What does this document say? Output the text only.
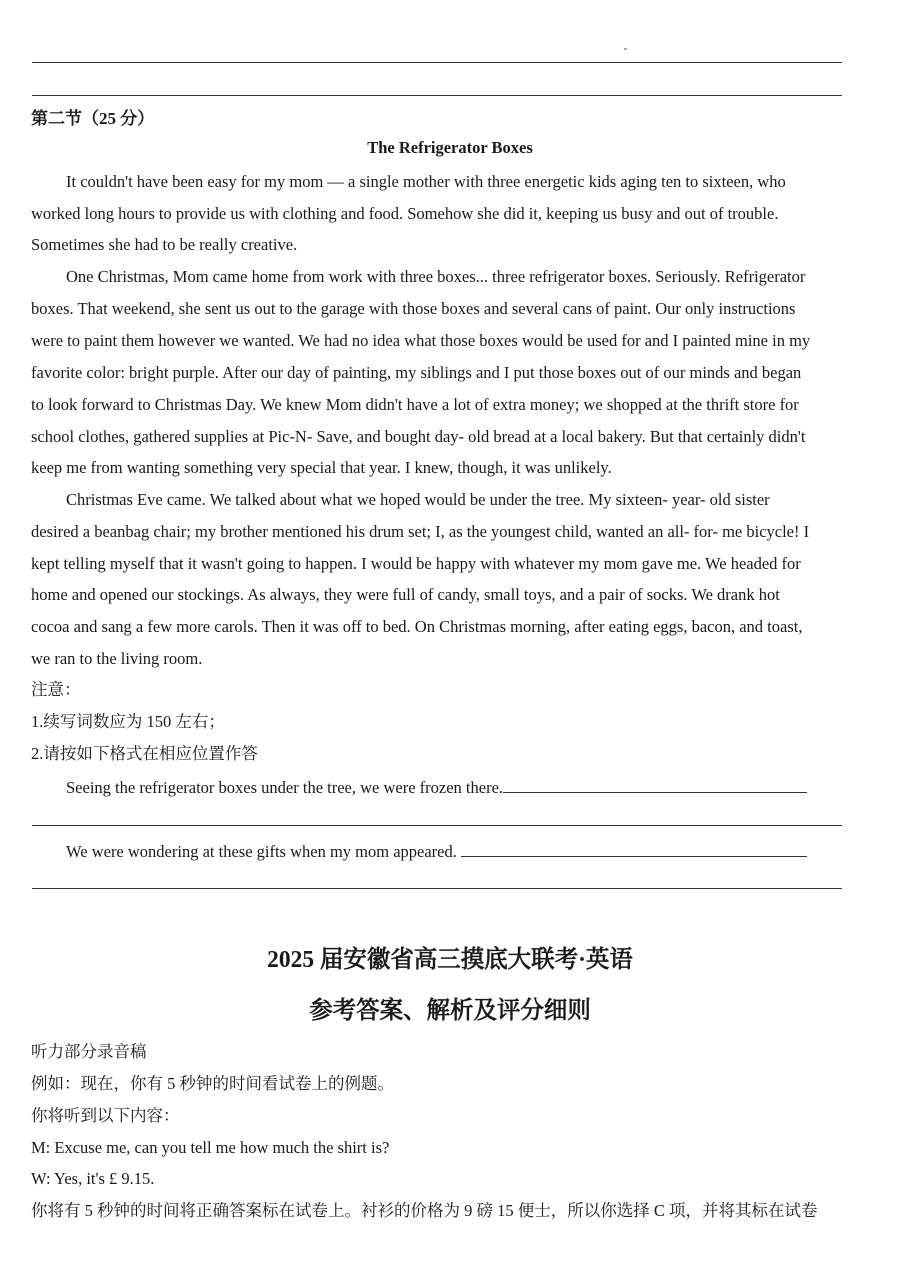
第二节（25 分）
The Refrigerator Boxes
It couldn't have been easy for my mom — a single mother with three energetic kids aging ten to sixteen, who
worked long hours to provide us with clothing and food. Somehow she did it, keeping us busy and out of trouble.
Sometimes she had to be really creative.
One Christmas, Mom came home from work with three boxes... three refrigerator boxes. Seriously. Refrigerator
boxes. That weekend, she sent us out to the garage with those boxes and several cans of paint. Our only instructions
were to paint them however we wanted. We had no idea what those boxes would be used for and I painted mine in my
favorite color: bright purple. After our day of painting, my siblings and I put those boxes out of our minds and began
to look forward to Christmas Day. We knew Mom didn't have a lot of extra money; we shopped at the thrift store for
school clothes, gathered supplies at Pic-N- Save, and bought day- old bread at a local bakery. But that certainly didn't
keep me from wanting something very special that year. I knew, though, it was unlikely.
Christmas Eve came. We talked about what we hoped would be under the tree. My sixteen- year- old sister
desired a beanbag chair; my brother mentioned his drum set; I, as the youngest child, wanted an all- for- me bicycle! I
kept telling myself that it wasn't going to happen. I would be happy with whatever my mom gave me. We headed for
home and opened our stockings. As always, they were full of candy, small toys, and a pair of socks. We drank hot
cocoa and sang a few more carols. Then it was off to bed. On Christmas morning, after eating eggs, bacon, and toast,
we ran to the living room.
注意：
1.续写词数应为 150 左右；
2.请按如下格式在相应位置作答
Seeing the refrigerator boxes under the tree, we were frozen there.
We were wondering at these gifts when my mom appeared.
2025 届安徽省高三摸底大联考·英语
参考答案、解析及评分细则
听力部分录音稿
例如：现在，你有 5 秒钟的时间看试卷上的例题。
你将听到以下内容：
M: Excuse me, can you tell me how much the shirt is?
W: Yes, it's £ 9.15.
你将有 5 秒钟的时间将正确答案标在试卷上。衬衫的价格为 9 磅 15 便士，所以你选择 C 项，并将其标在试卷
